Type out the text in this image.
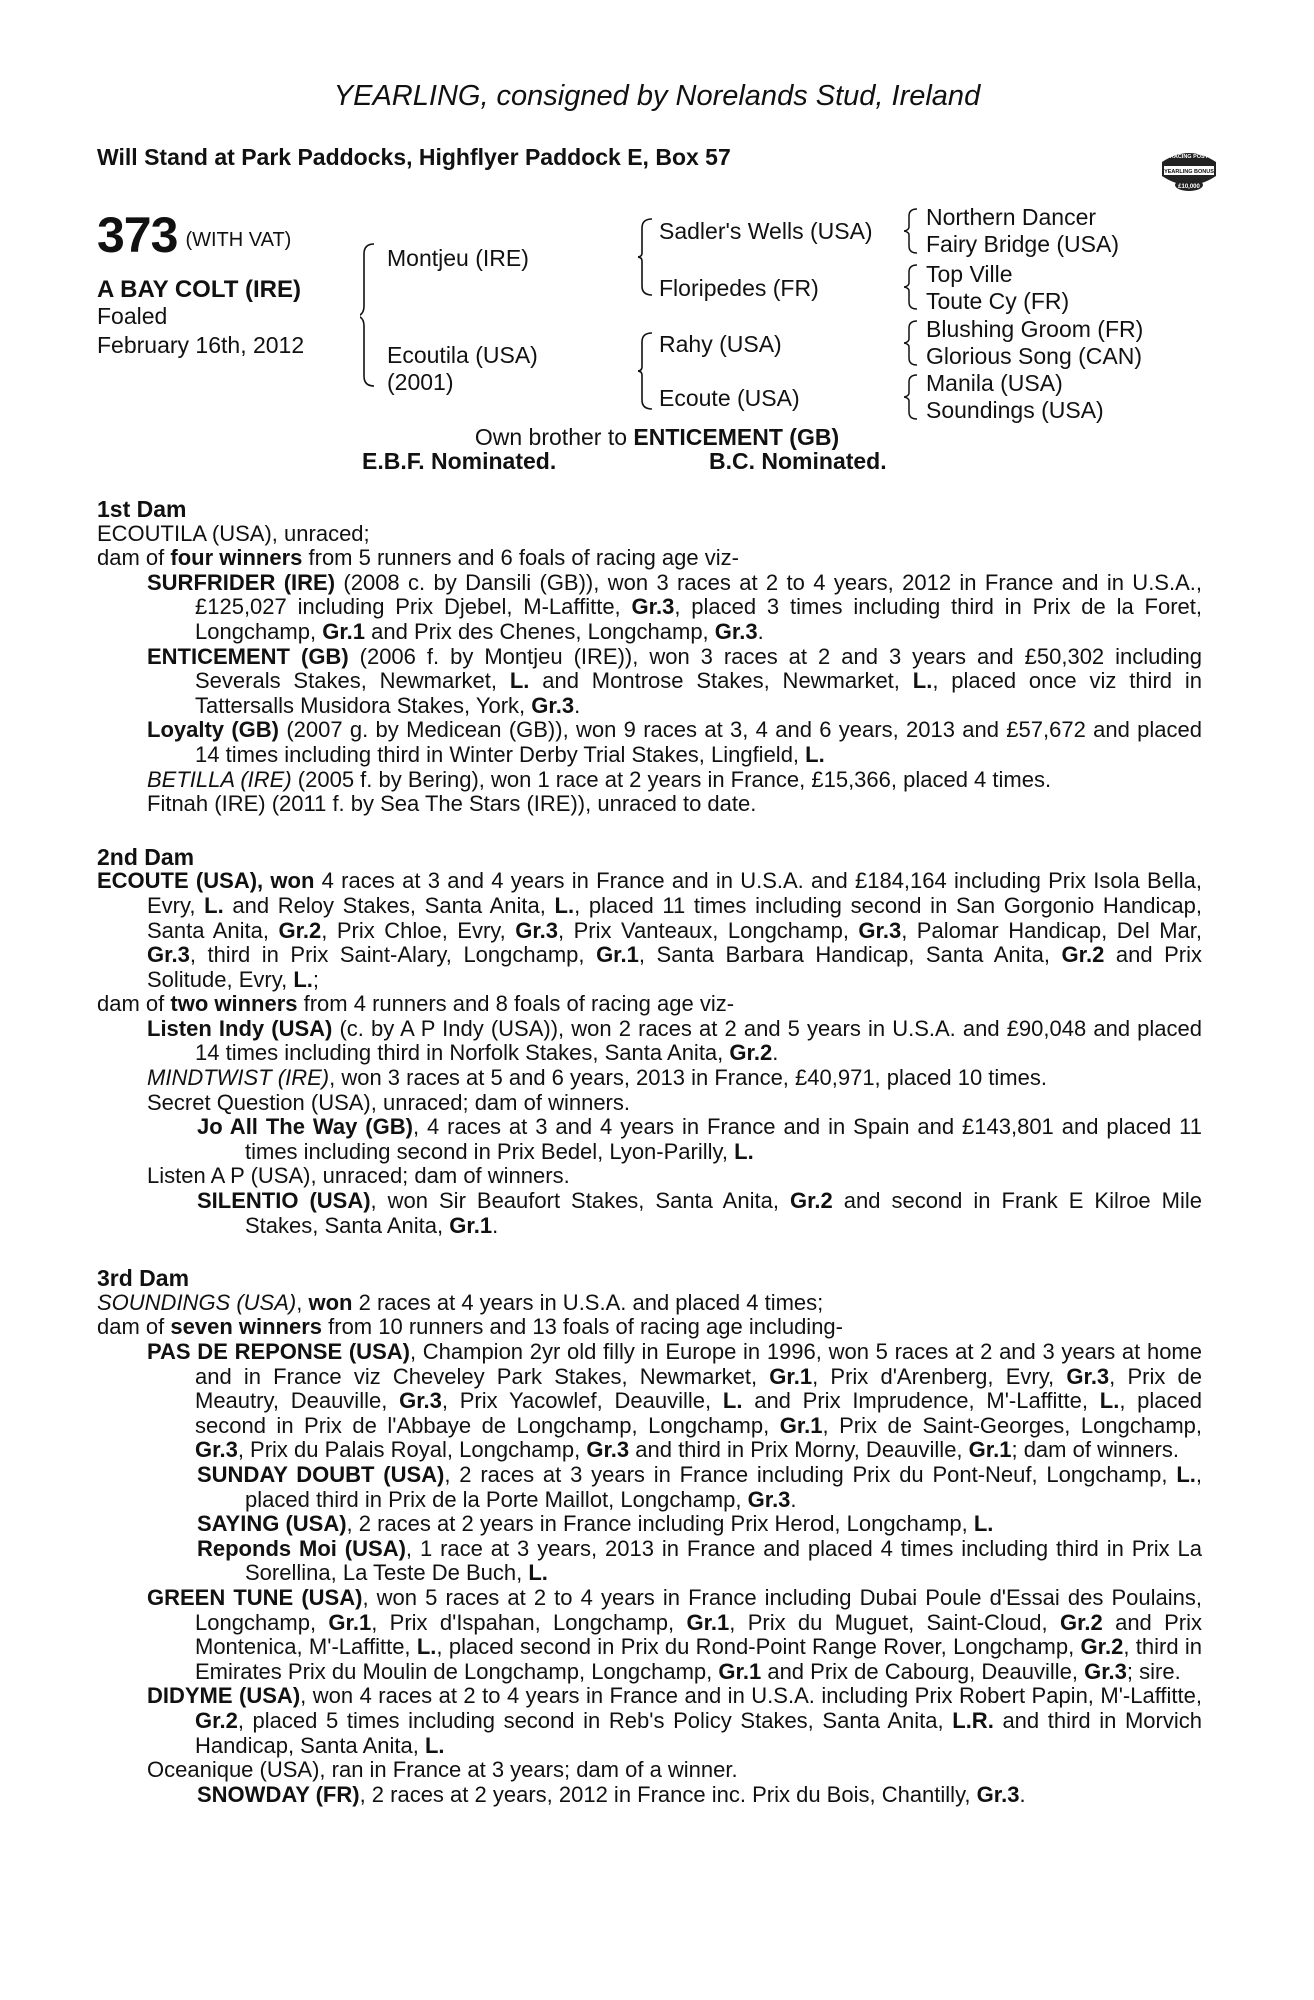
YEARLING, consigned by Norelands Stud, Ireland
Will Stand at Park Paddocks, Highflyer Paddock E, Box 57	RACING POST
YEARLING BONUS
£10,000
373 (WITH VAT)
A BAY COLT (IRE)
Foaled
February 16th, 2012
Montjeu (IRE)
Ecoutila (USA)
(2001)
Sadler's Wells (USA)
Floripedes (FR)
Rahy (USA)
Ecoute (USA)
Northern Dancer
Fairy Bridge (USA)
Top Ville
Toute Cy (FR)
Blushing Groom (FR)
Glorious Song (CAN)
Manila (USA)
Soundings (USA)
Own brother to ENTICEMENT (GB)
E.B.F. Nominated.	B.C. Nominated.
1st Dam
ECOUTILA (USA), unraced;
dam of four winners from 5 runners and 6 foals of racing age viz-
SURFRIDER (IRE) (2008 c. by Dansili (GB)), won 3 races at 2 to 4 years, 2012 in France and in U.S.A., £125,027 including Prix Djebel, M-Laffitte, Gr.3, placed 3 times including third in Prix de la Foret, Longchamp, Gr.1 and Prix des Chenes, Longchamp, Gr.3.
ENTICEMENT (GB) (2006 f. by Montjeu (IRE)), won 3 races at 2 and 3 years and £50,302 including Severals Stakes, Newmarket, L. and Montrose Stakes, Newmarket, L., placed once viz third in Tattersalls Musidora Stakes, York, Gr.3.
Loyalty (GB) (2007 g. by Medicean (GB)), won 9 races at 3, 4 and 6 years, 2013 and £57,672 and placed 14 times including third in Winter Derby Trial Stakes, Lingfield, L.
BETILLA (IRE) (2005 f. by Bering), won 1 race at 2 years in France, £15,366, placed 4 times.
Fitnah (IRE) (2011 f. by Sea The Stars (IRE)), unraced to date.
2nd Dam
ECOUTE (USA), won 4 races at 3 and 4 years in France and in U.S.A. and £184,164 including Prix Isola Bella, Evry, L. and Reloy Stakes, Santa Anita, L., placed 11 times including second in San Gorgonio Handicap, Santa Anita, Gr.2, Prix Chloe, Evry, Gr.3, Prix Vanteaux, Longchamp, Gr.3, Palomar Handicap, Del Mar, Gr.3, third in Prix Saint-Alary, Longchamp, Gr.1, Santa Barbara Handicap, Santa Anita, Gr.2 and Prix Solitude, Evry, L.;
dam of two winners from 4 runners and 8 foals of racing age viz-
Listen Indy (USA) (c. by A P Indy (USA)), won 2 races at 2 and 5 years in U.S.A. and £90,048 and placed 14 times including third in Norfolk Stakes, Santa Anita, Gr.2.
MINDTWIST (IRE), won 3 races at 5 and 6 years, 2013 in France, £40,971, placed 10 times.
Secret Question (USA), unraced; dam of winners.
Jo All The Way (GB), 4 races at 3 and 4 years in France and in Spain and £143,801 and placed 11 times including second in Prix Bedel, Lyon-Parilly, L.
Listen A P (USA), unraced; dam of winners.
SILENTIO (USA), won Sir Beaufort Stakes, Santa Anita, Gr.2 and second in Frank E Kilroe Mile Stakes, Santa Anita, Gr.1.
3rd Dam
SOUNDINGS (USA), won 2 races at 4 years in U.S.A. and placed 4 times;
dam of seven winners from 10 runners and 13 foals of racing age including-
PAS DE REPONSE (USA), Champion 2yr old filly in Europe in 1996, won 5 races at 2 and 3 years at home and in France viz Cheveley Park Stakes, Newmarket, Gr.1, Prix d'Arenberg, Evry, Gr.3, Prix de Meautry, Deauville, Gr.3, Prix Yacowlef, Deauville, L. and Prix Imprudence, M'-Laffitte, L., placed second in Prix de l'Abbaye de Longchamp, Longchamp, Gr.1, Prix de Saint-Georges, Longchamp, Gr.3, Prix du Palais Royal, Longchamp, Gr.3 and third in Prix Morny, Deauville, Gr.1; dam of winners.
SUNDAY DOUBT (USA), 2 races at 3 years in France including Prix du Pont-Neuf, Longchamp, L., placed third in Prix de la Porte Maillot, Longchamp, Gr.3.
SAYING (USA), 2 races at 2 years in France including Prix Herod, Longchamp, L.
Reponds Moi (USA), 1 race at 3 years, 2013 in France and placed 4 times including third in Prix La Sorellina, La Teste De Buch, L.
GREEN TUNE (USA), won 5 races at 2 to 4 years in France including Dubai Poule d'Essai des Poulains, Longchamp, Gr.1, Prix d'Ispahan, Longchamp, Gr.1, Prix du Muguet, Saint-Cloud, Gr.2 and Prix Montenica, M'-Laffitte, L., placed second in Prix du Rond-Point Range Rover, Longchamp, Gr.2, third in Emirates Prix du Moulin de Longchamp, Longchamp, Gr.1 and Prix de Cabourg, Deauville, Gr.3; sire.
DIDYME (USA), won 4 races at 2 to 4 years in France and in U.S.A. including Prix Robert Papin, M'-Laffitte, Gr.2, placed 5 times including second in Reb's Policy Stakes, Santa Anita, L.R. and third in Morvich Handicap, Santa Anita, L.
Oceanique (USA), ran in France at 3 years; dam of a winner.
SNOWDAY (FR), 2 races at 2 years, 2012 in France inc. Prix du Bois, Chantilly, Gr.3.
